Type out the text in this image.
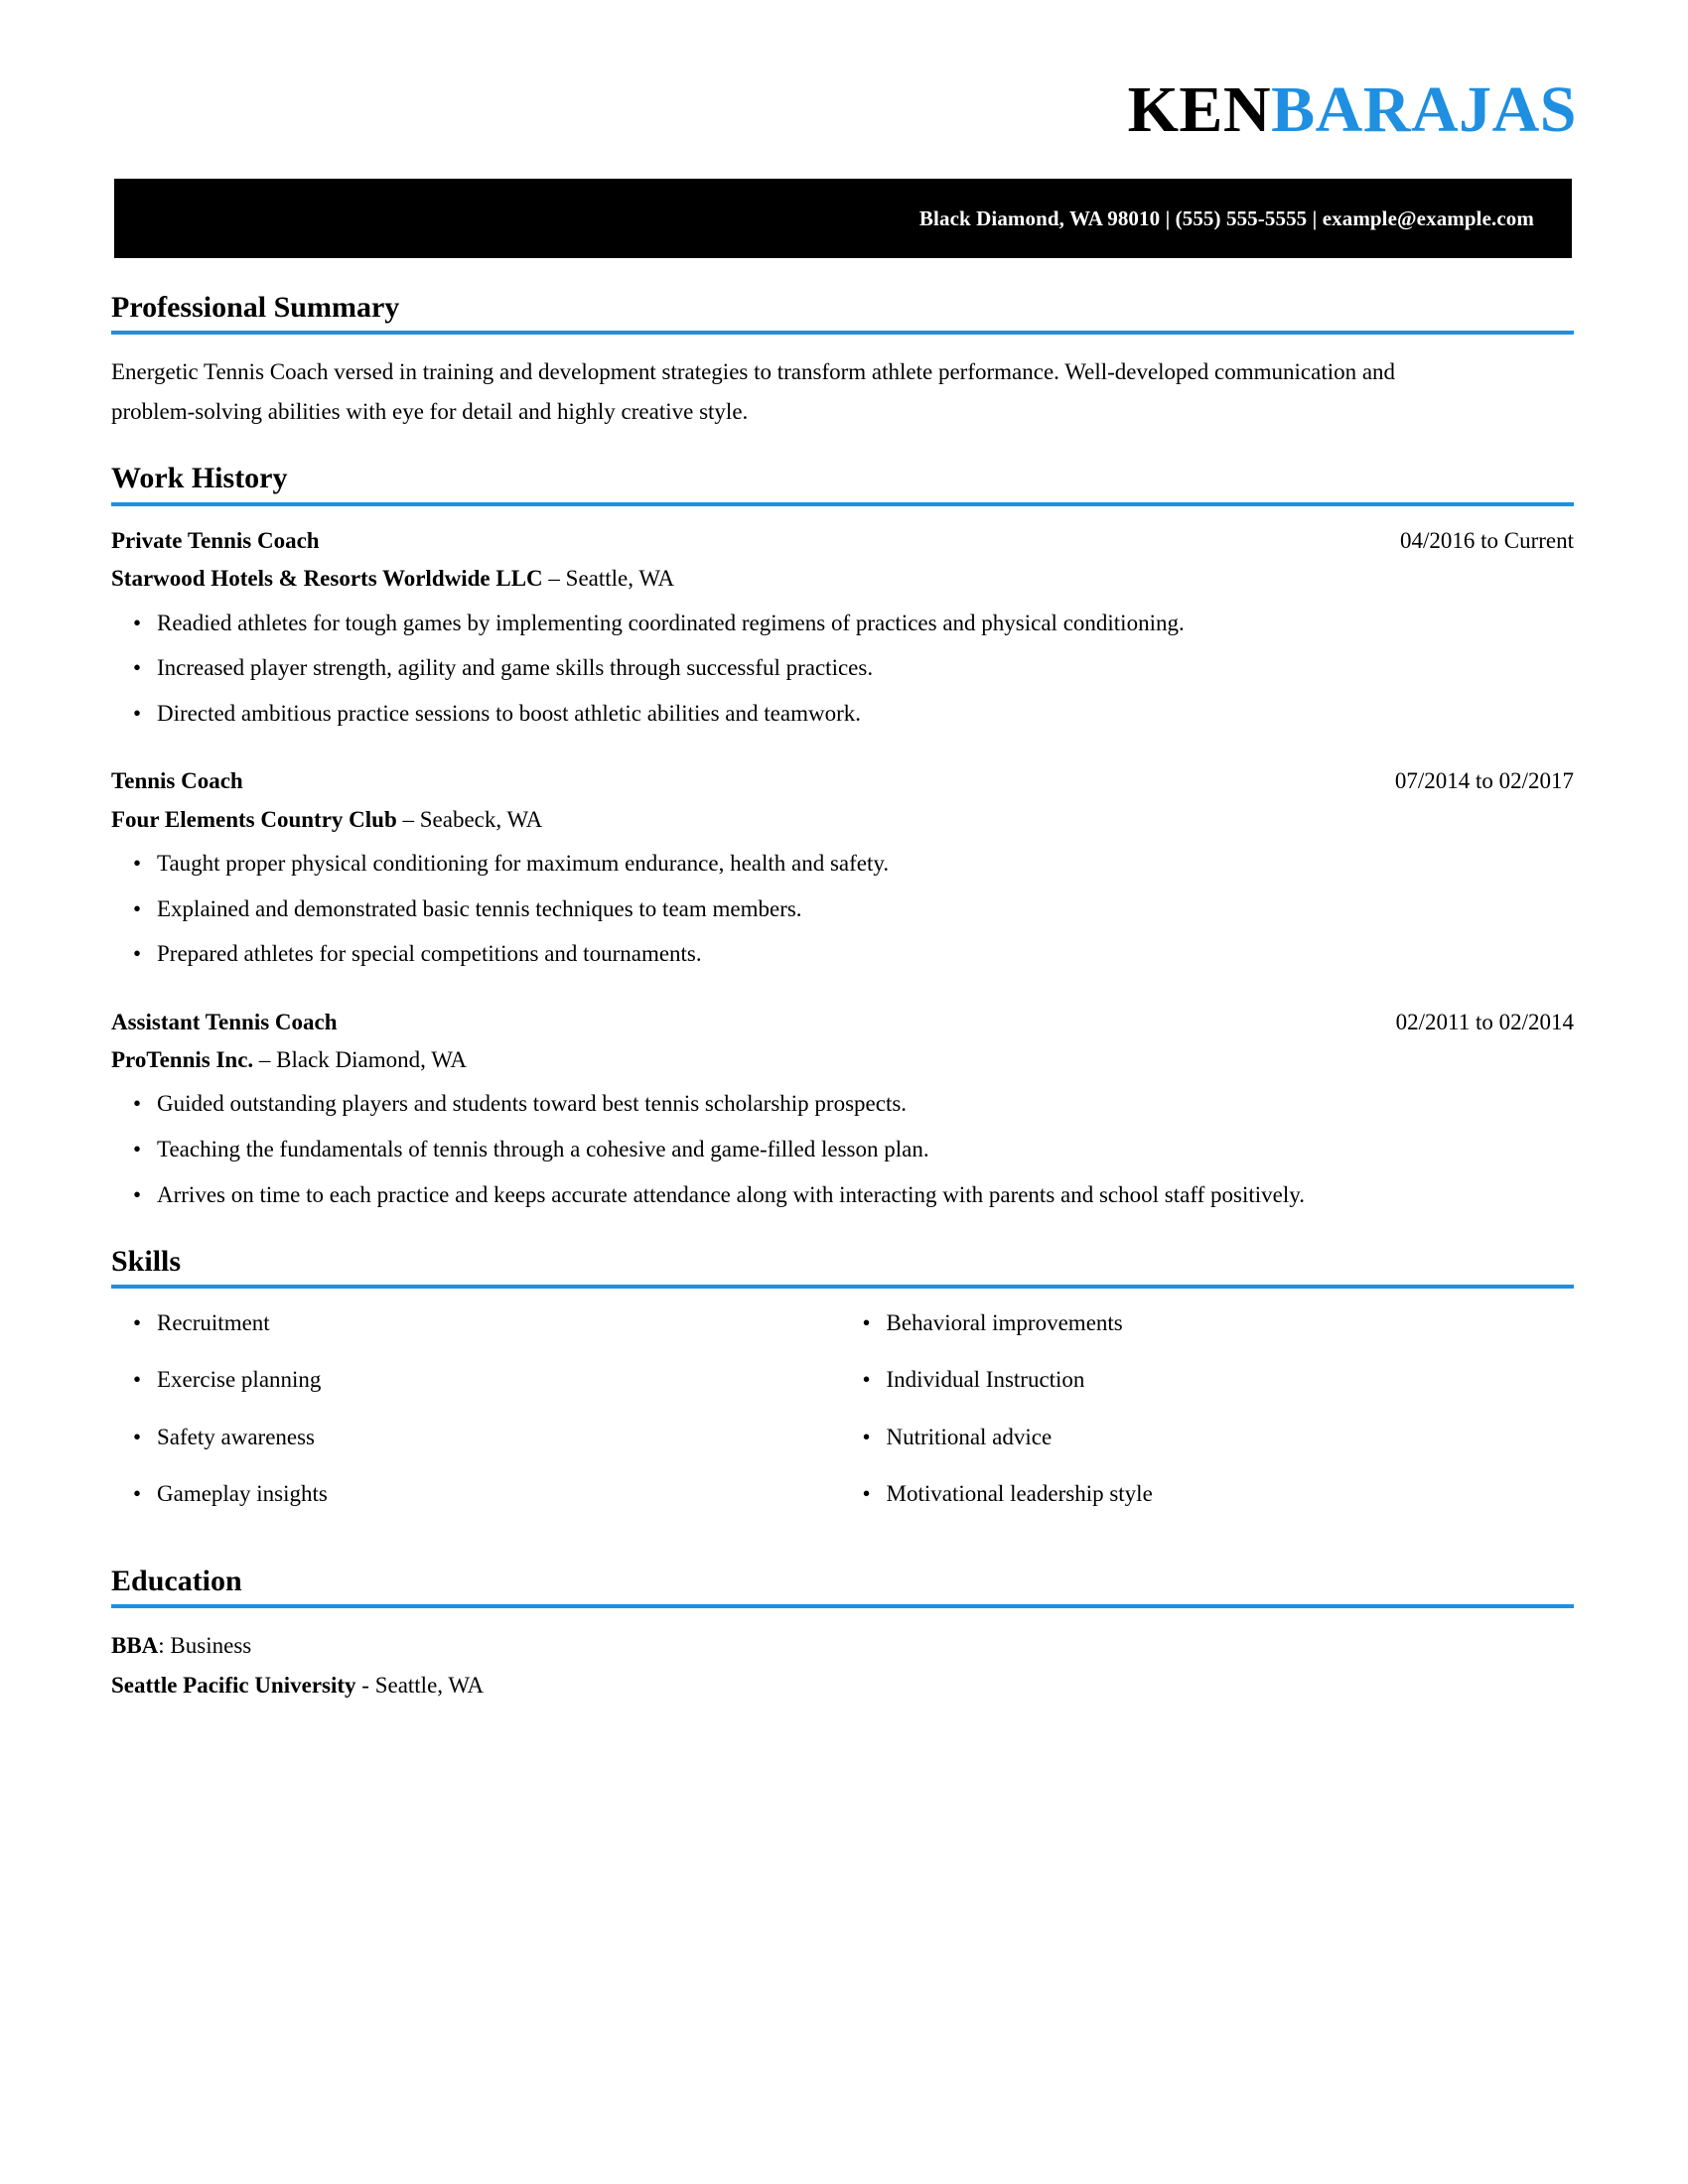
KENBARAJAS
Black Diamond, WA 98010 | (555) 555-5555 | example@example.com
Professional Summary
Energetic Tennis Coach versed in training and development strategies to transform athlete performance. Well-developed communication and problem-solving abilities with eye for detail and highly creative style.
Work History
Private Tennis Coach	04/2016 to Current
Starwood Hotels & Resorts Worldwide LLC – Seattle, WA
• Readied athletes for tough games by implementing coordinated regimens of practices and physical conditioning.
• Increased player strength, agility and game skills through successful practices.
• Directed ambitious practice sessions to boost athletic abilities and teamwork.
Tennis Coach	07/2014 to 02/2017
Four Elements Country Club – Seabeck, WA
• Taught proper physical conditioning for maximum endurance, health and safety.
• Explained and demonstrated basic tennis techniques to team members.
• Prepared athletes for special competitions and tournaments.
Assistant Tennis Coach	02/2011 to 02/2014
ProTennis Inc. – Black Diamond, WA
• Guided outstanding players and students toward best tennis scholarship prospects.
• Teaching the fundamentals of tennis through a cohesive and game-filled lesson plan.
• Arrives on time to each practice and keeps accurate attendance along with interacting with parents and school staff positively.
Skills
• Recruitment
• Exercise planning
• Safety awareness
• Gameplay insights
• Behavioral improvements
• Individual Instruction
• Nutritional advice
• Motivational leadership style
Education
BBA: Business
Seattle Pacific University - Seattle, WA
